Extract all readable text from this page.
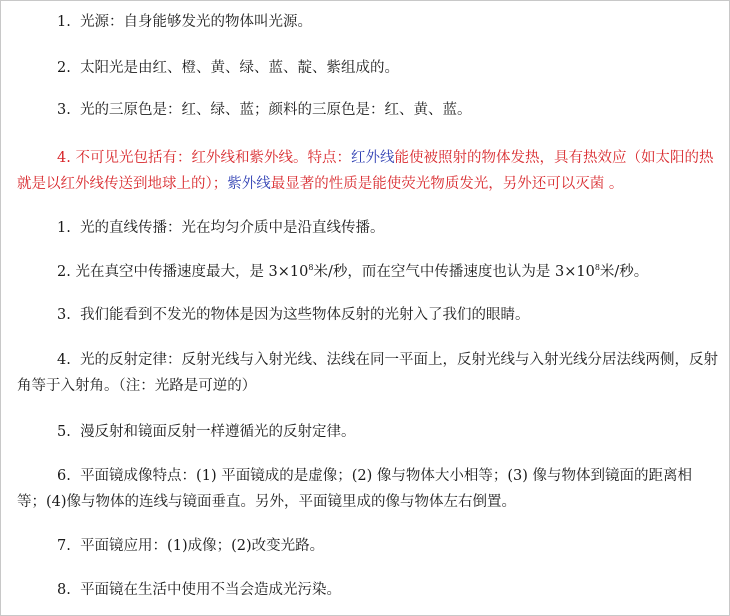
1. 光源：自身能够发光的物体叫光源。

2. 太阳光是由红、橙、黄、绿、蓝、靛、紫组成的。

3. 光的三原色是：红、绿、蓝；颜料的三原色是：红、黄、蓝。

4. 不可见光包括有：红外线和紫外线。特点：红外线能使被照射的物体发热，具有热效应（如太阳的热就是以红外线传送到地球上的）；紫外线最显著的性质是能使荧光物质发光，另外还可以灭菌 。

1. 光的直线传播：光在均匀介质中是沿直线传播。

2. 光在真空中传播速度最大，是 $3\times 10^8$米/秒，而在空气中传播速度也认为是 $3\times 10^8$米/秒。

3. 我们能看到不发光的物体是因为这些物体反射的光射入了我们的眼睛。

4. 光的反射定律：反射光线与入射光线、法线在同一平面上，反射光线与入射光线分居法线两侧，反射角等于入射角。（注：光路是可逆的）

5. 漫反射和镜面反射一样遵循光的反射定律。

6. 平面镜成像特点：(1) 平面镜成的是虚像；(2) 像与物体大小相等；(3) 像与物体到镜面的距离相等；(4)像与物体的连线与镜面垂直。另外，平面镜里成的像与物体左右倒置。

7. 平面镜应用：(1)成像；(2)改变光路。

8. 平面镜在生活中使用不当会造成光污染。
